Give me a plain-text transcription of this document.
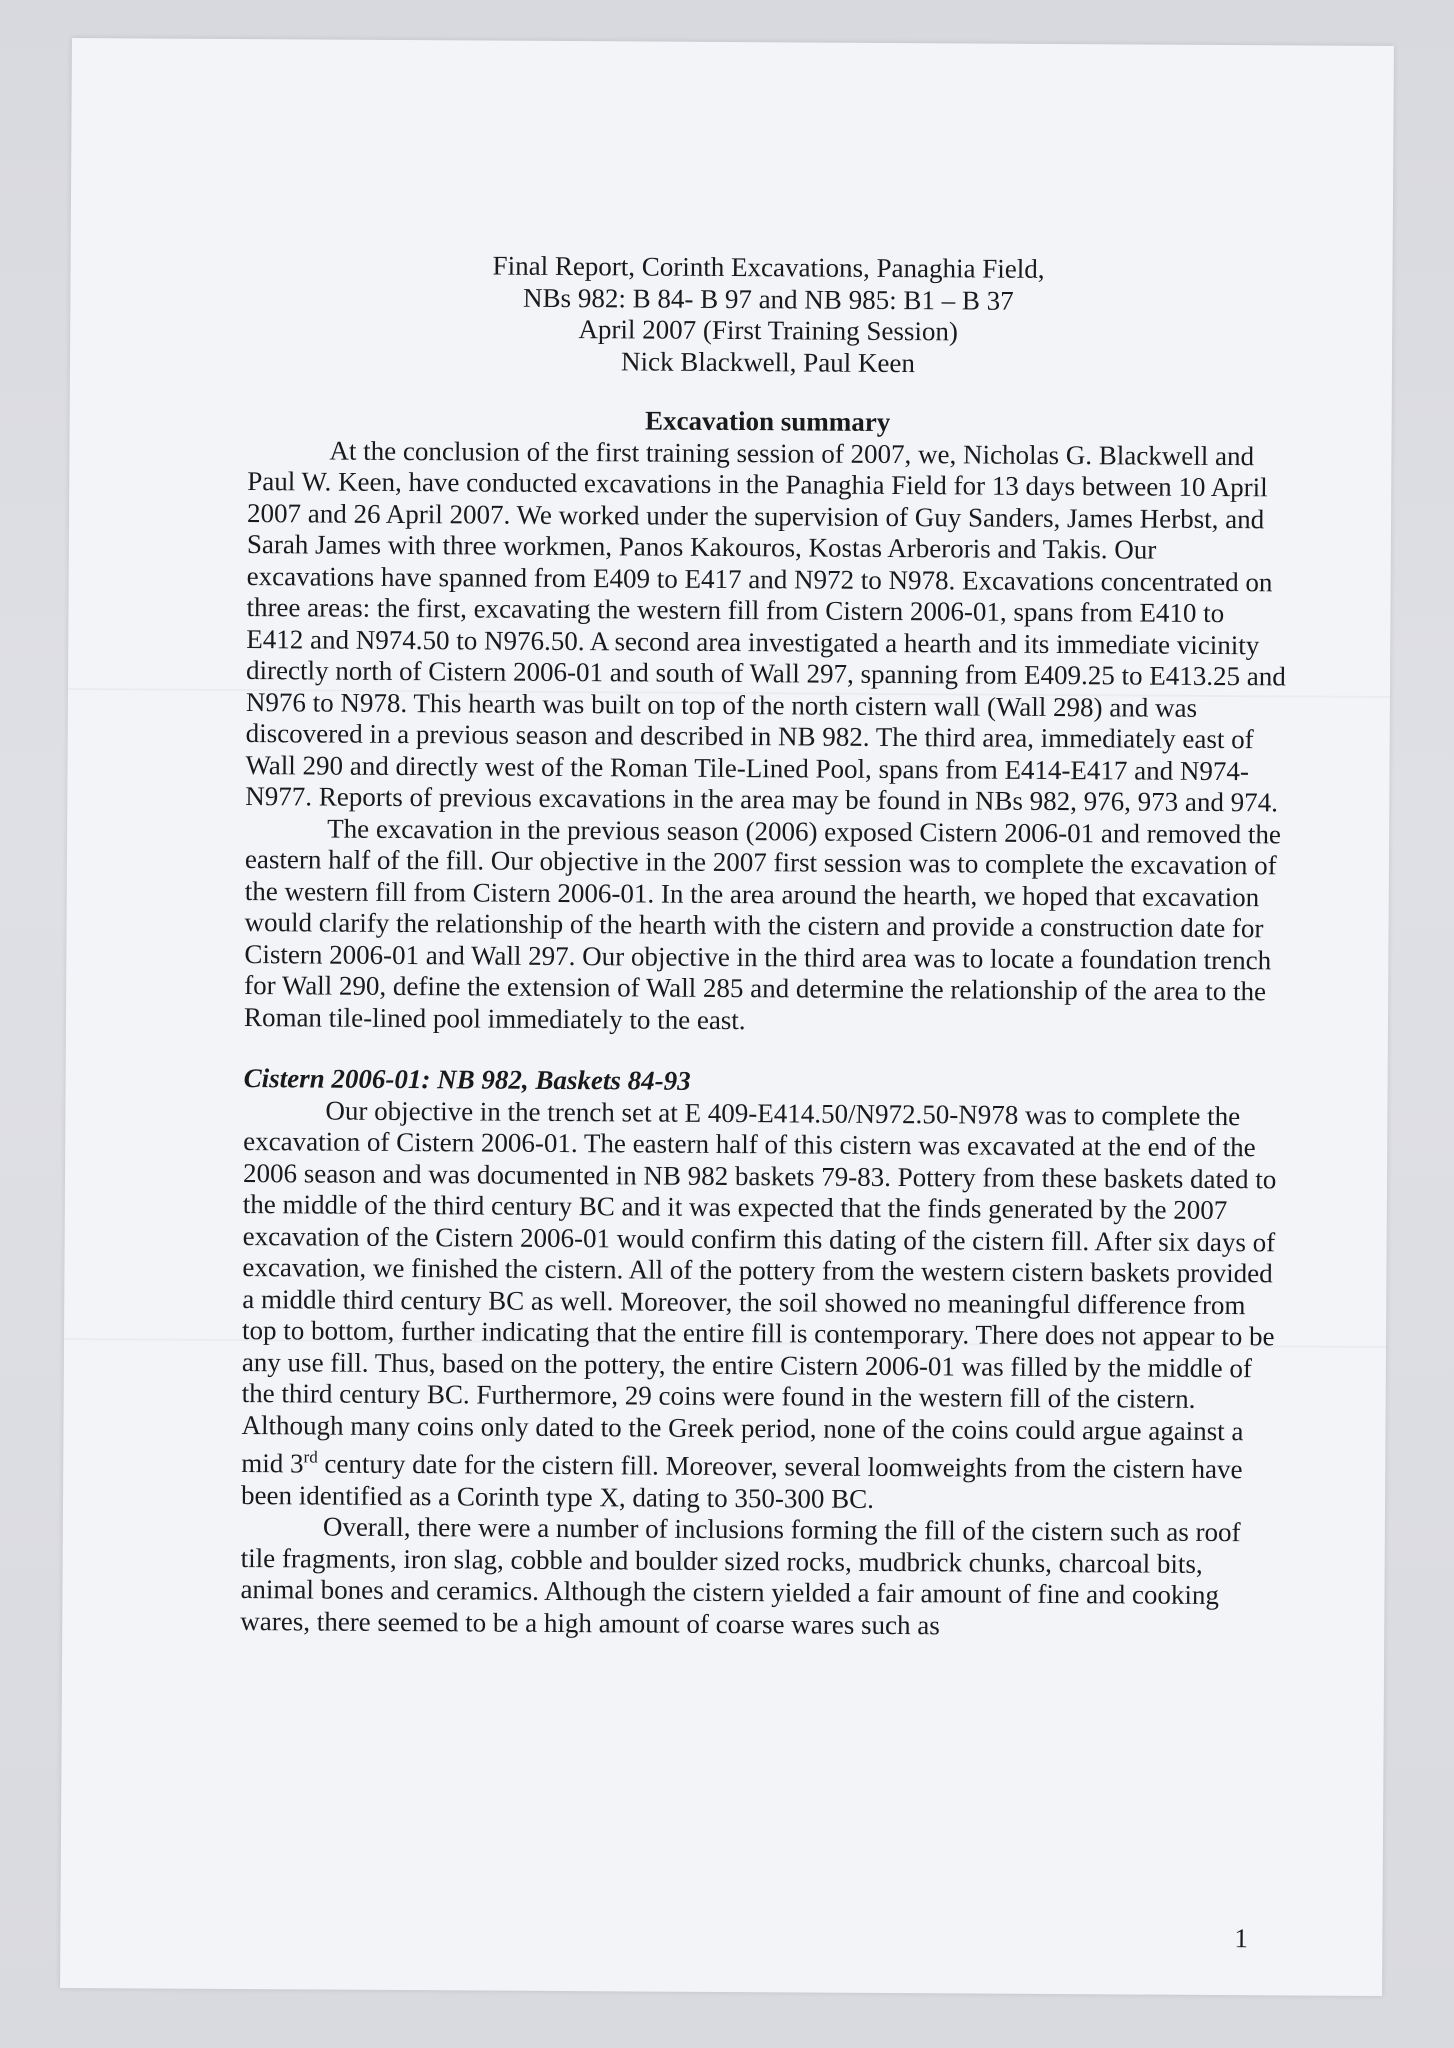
Final Report, Corinth Excavations, Panaghia Field,
NBs 982: B 84- B 97 and NB 985: B1 – B 37
April 2007 (First Training Session)
Nick Blackwell, Paul Keen
Excavation summary

At the conclusion of the first training session of 2007, we, Nicholas G. Blackwell and Paul W. Keen, have conducted excavations in the Panaghia Field for 13 days between 10 April 2007 and 26 April 2007. We worked under the supervision of Guy Sanders, James Herbst, and Sarah James with three workmen, Panos Kakouros, Kostas Arberoris and Takis. Our excavations have spanned from E409 to E417 and N972 to N978. Excavations concentrated on three areas: the first, excavating the western fill from Cistern 2006-01, spans from E410 to E412 and N974.50 to N976.50. A second area investigated a hearth and its immediate vicinity directly north of Cistern 2006-01 and south of Wall 297, spanning from E409.25 to E413.25 and N976 to N978. This hearth was built on top of the north cistern wall (Wall 298) and was discovered in a previous season and described in NB 982. The third area, immediately east of Wall 290 and directly west of the Roman Tile-Lined Pool, spans from E414-E417 and N974-N977. Reports of previous excavations in the area may be found in NBs 982, 976, 973 and 974.

The excavation in the previous season (2006) exposed Cistern 2006-01 and removed the eastern half of the fill. Our objective in the 2007 first session was to complete the excavation of the western fill from Cistern 2006-01. In the area around the hearth, we hoped that excavation would clarify the relationship of the hearth with the cistern and provide a construction date for Cistern 2006-01 and Wall 297. Our objective in the third area was to locate a foundation trench for Wall 290, define the extension of Wall 285 and determine the relationship of the area to the Roman tile-lined pool immediately to the east.

Cistern 2006-01: NB 982, Baskets 84-93

Our objective in the trench set at E 409-E414.50/N972.50-N978 was to complete the excavation of Cistern 2006-01. The eastern half of this cistern was excavated at the end of the 2006 season and was documented in NB 982 baskets 79-83. Pottery from these baskets dated to the middle of the third century BC and it was expected that the finds generated by the 2007 excavation of the Cistern 2006-01 would confirm this dating of the cistern fill. After six days of excavation, we finished the cistern. All of the pottery from the western cistern baskets provided a middle third century BC as well. Moreover, the soil showed no meaningful difference from top to bottom, further indicating that the entire fill is contemporary. There does not appear to be any use fill. Thus, based on the pottery, the entire Cistern 2006-01 was filled by the middle of the third century BC. Furthermore, 29 coins were found in the western fill of the cistern. Although many coins only dated to the Greek period, none of the coins could argue against a mid 3rd century date for the cistern fill. Moreover, several loomweights from the cistern have been identified as a Corinth type X, dating to 350-300 BC.

Overall, there were a number of inclusions forming the fill of the cistern such as roof tile fragments, iron slag, cobble and boulder sized rocks, mudbrick chunks, charcoal bits, animal bones and ceramics. Although the cistern yielded a fair amount of fine and cooking wares, there seemed to be a high amount of coarse wares such as

1
